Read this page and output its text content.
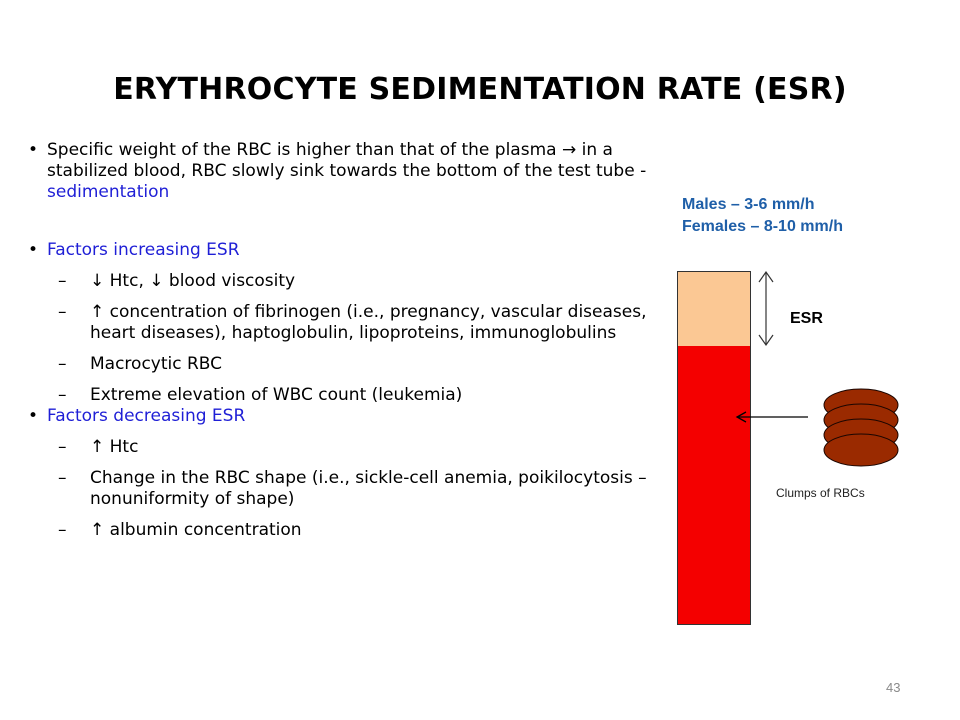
ERYTHROCYTE SEDIMENTATION RATE (ESR)
• Specific weight of the RBC is higher than that of the plasma → in a stabilized blood, RBC slowly sink towards the bottom of the test tube -sedimentation
• Factors increasing ESR
– ↓ Htc, ↓ blood viscosity
– ↑ concentration of fibrinogen (i.e., pregnancy, vascular diseases, heart diseases), haptoglobulin, lipoproteins, immunoglobulins
– Macrocytic RBC
– Extreme elevation of WBC count (leukemia)
• Factors decreasing ESR
– ↑ Htc
– Change in the RBC shape (i.e., sickle-cell anemia, poikilocytosis – nonuniformity of shape)
– ↑ albumin concentration
Males – 3-6 mm/h
Females – 8-10 mm/h
ESR
Clumps of RBCs
43
